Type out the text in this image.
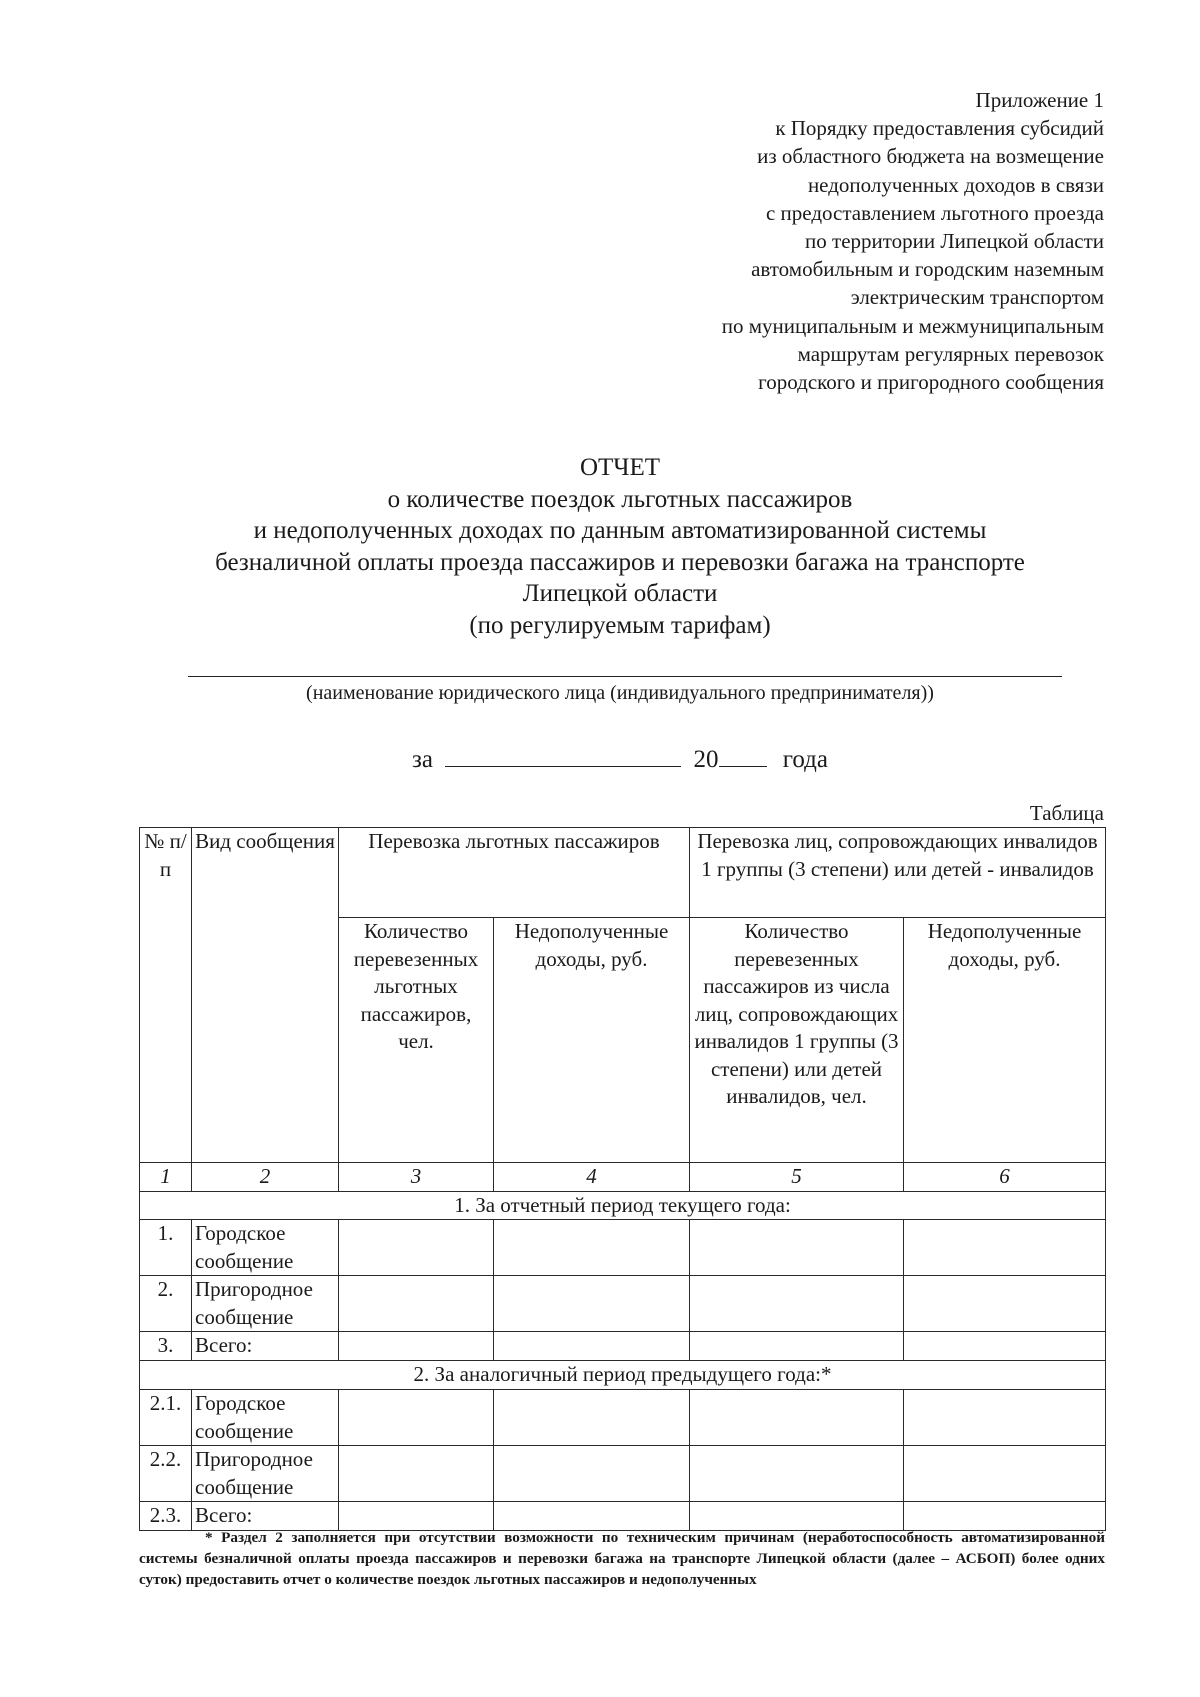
Приложение 1
к Порядку предоставления субсидий
из областного бюджета на возмещение
недополученных доходов в связи
с предоставлением льготного проезда
по территории Липецкой области
автомобильным и городским наземным
электрическим транспортом
по муниципальным и межмуниципальным
маршрутам регулярных перевозок
городского и пригородного сообщения
ОТЧЕТ
о количестве поездок льготных пассажиров
и недополученных доходах по данным автоматизированной системы
безналичной оплаты проезда пассажиров и перевозки багажа на транспорте
Липецкой области
(по регулируемым тарифам)
(наименование юридического лица (индивидуального предпринимателя))
за	20	года
Таблица
№ п/п	Вид сообщения	Перевозка льготных пассажиров		Перевозка лиц, сопровождающих инвалидов 1 группы (3 степени) или детей - инвалидов	
		Количество перевезенных льготных пассажиров, чел.	Недополученные доходы, руб.	Количество перевезенных пассажиров из числа лиц, сопровождающих инвалидов 1 группы (3 степени) или детей инвалидов, чел.	Недополученные доходы, руб.
1	2	3	4	5	6
1. За отчетный период текущего года:					
1.	Городское сообщение				
2.	Пригородное сообщение				
3.	Всего:				
2. За аналогичный период предыдущего года:*					
2.1.	Городское сообщение				
2.2.	Пригородное сообщение				
2.3.	Всего:				
* Раздел 2 заполняется при отсутствии возможности по техническим причинам (неработоспособность автоматизированной системы безналичной оплаты проезда пассажиров и перевозки багажа на транспорте Липецкой области (далее – АСБОП) более одних суток) предоставить отчет о количестве поездок льготных пассажиров и недополученных
